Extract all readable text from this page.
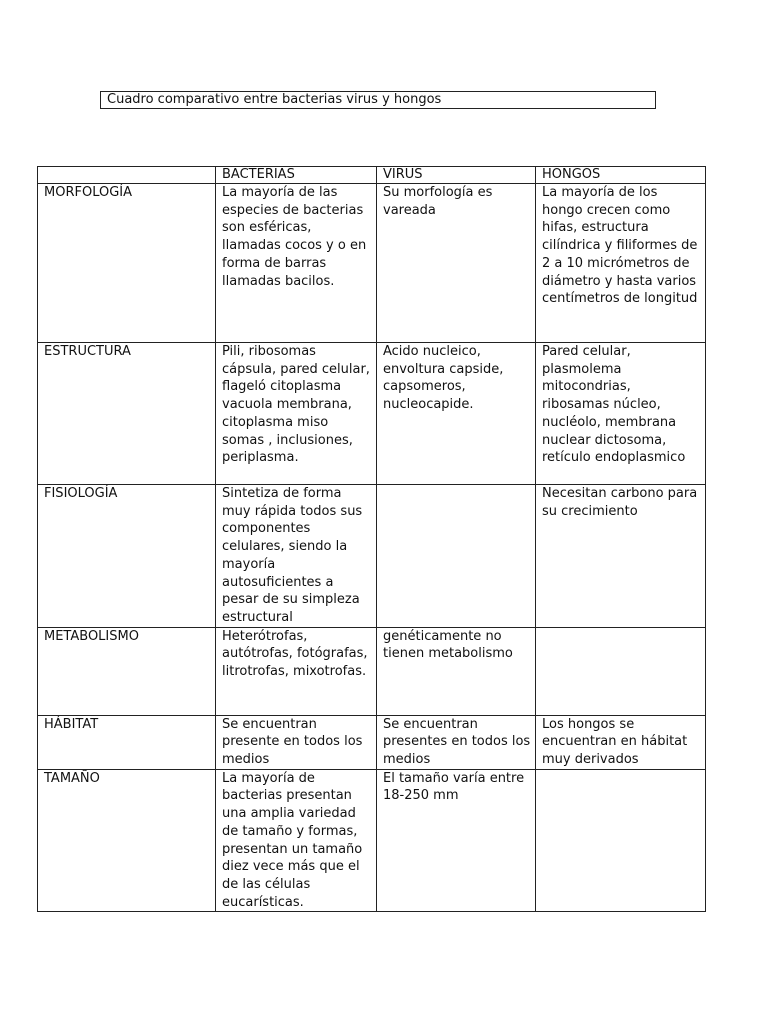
Cuadro comparativo entre bacterias virus y hongos
	BACTERIAS	VIRUS	HONGOS
MORFOLOGÍA	La mayoría de las especies de bacterias son esféricas, llamadas cocos y o en forma de barras llamadas bacilos.	Su morfología es vareada	La mayoría de los hongo crecen como hifas, estructura cilíndrica y filiformes de 2 a 10 micrómetros de diámetro y hasta varios centímetros de longitud
ESTRUCTURA	Pili, ribosomas cápsula, pared celular, flageló citoplasma vacuola membrana, citoplasma miso somas , inclusiones, periplasma.	Acido nucleico, envoltura capside, capsomeros, nucleocapide.	Pared celular, plasmolema mitocondrias, ribosamas núcleo, nucléolo, membrana nuclear dictosoma, retículo endoplasmico
FISIOLOGÍA	Sintetiza de forma muy rápida todos sus componentes celulares, siendo la mayoría autosuficientes a pesar de su simpleza estructural		Necesitan carbono para su crecimiento
METABOLISMO	Heterótrofas, autótrofas, fotógrafas, litrotrofas, mixotrofas.	genéticamente no tienen metabolismo	
HÁBITAT	Se encuentran presente en todos los medios	Se encuentran presentes en todos los medios	Los hongos se encuentran en hábitat muy derivados
TAMAÑO	La mayoría de bacterias presentan una amplia variedad de tamaño y formas, presentan un tamaño diez vece más que el de las células eucarísticas.	El tamaño varía entre 18-250 mm	
